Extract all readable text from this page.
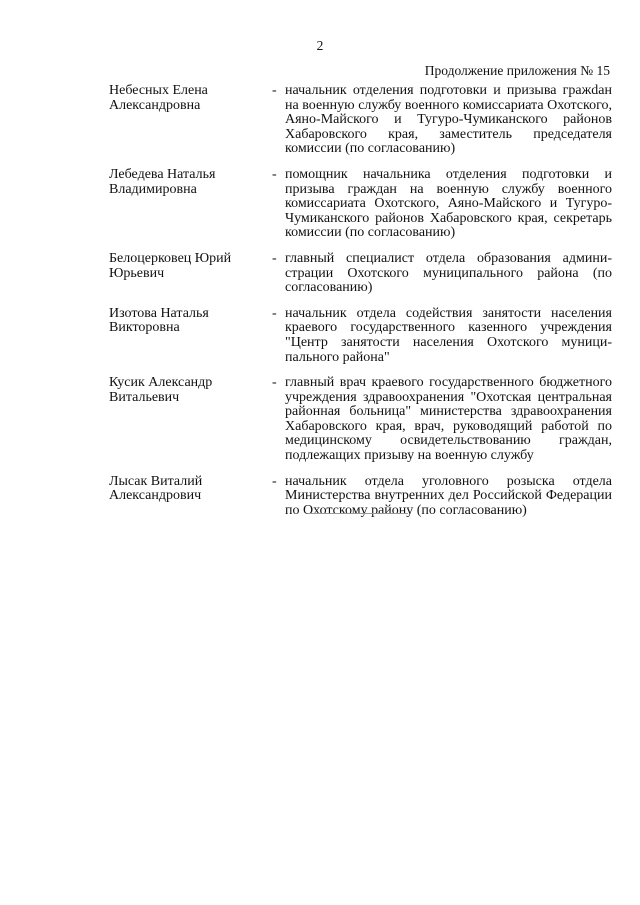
2
Продолжение приложения № 15
Небесных Елена Александровна
- начальник отделения подготовки и призыва гражdан на военную службу военного комиссариата Охотского, Аяно-Майского и Тугуро-Чумиканского районов Хабаровского края, заместитель председателя комиссии (по согласованию)
Лебедева Наталья Владимировна
- помощник начальника отделения подготовки и призыва граждан на военную службу военного комиссариата Охотского, Аяно-Майского и Тугуро-Чумиканского районов Хабаровского края, секретарь комиссии (по согласованию)
Белоцерковец Юрий Юрьевич
- главный специалист отдела образования администрации Охотского муниципального района (по согласованию)
Изотова Наталья Викторовна
- начальник отдела содействия занятости населения краевого государственного казенного учреждения "Центр занятости населения Охотского муниципального района"
Кусик Александр Витальевич
- главный врач краевого государственного бюджетного учреждения здравоохранения "Охотская центральная районная больница" министерства здравоохранения Хабаровского края, врач, руководящий работой по медицинскому освидетельствованию граждан, подлежащих призыву на военную службу
Лысак Виталий Александрович
- начальник отдела уголовного розыска отдела Министерства внутренних дел Российской Федерации по Охотскому району (по согласованию)
